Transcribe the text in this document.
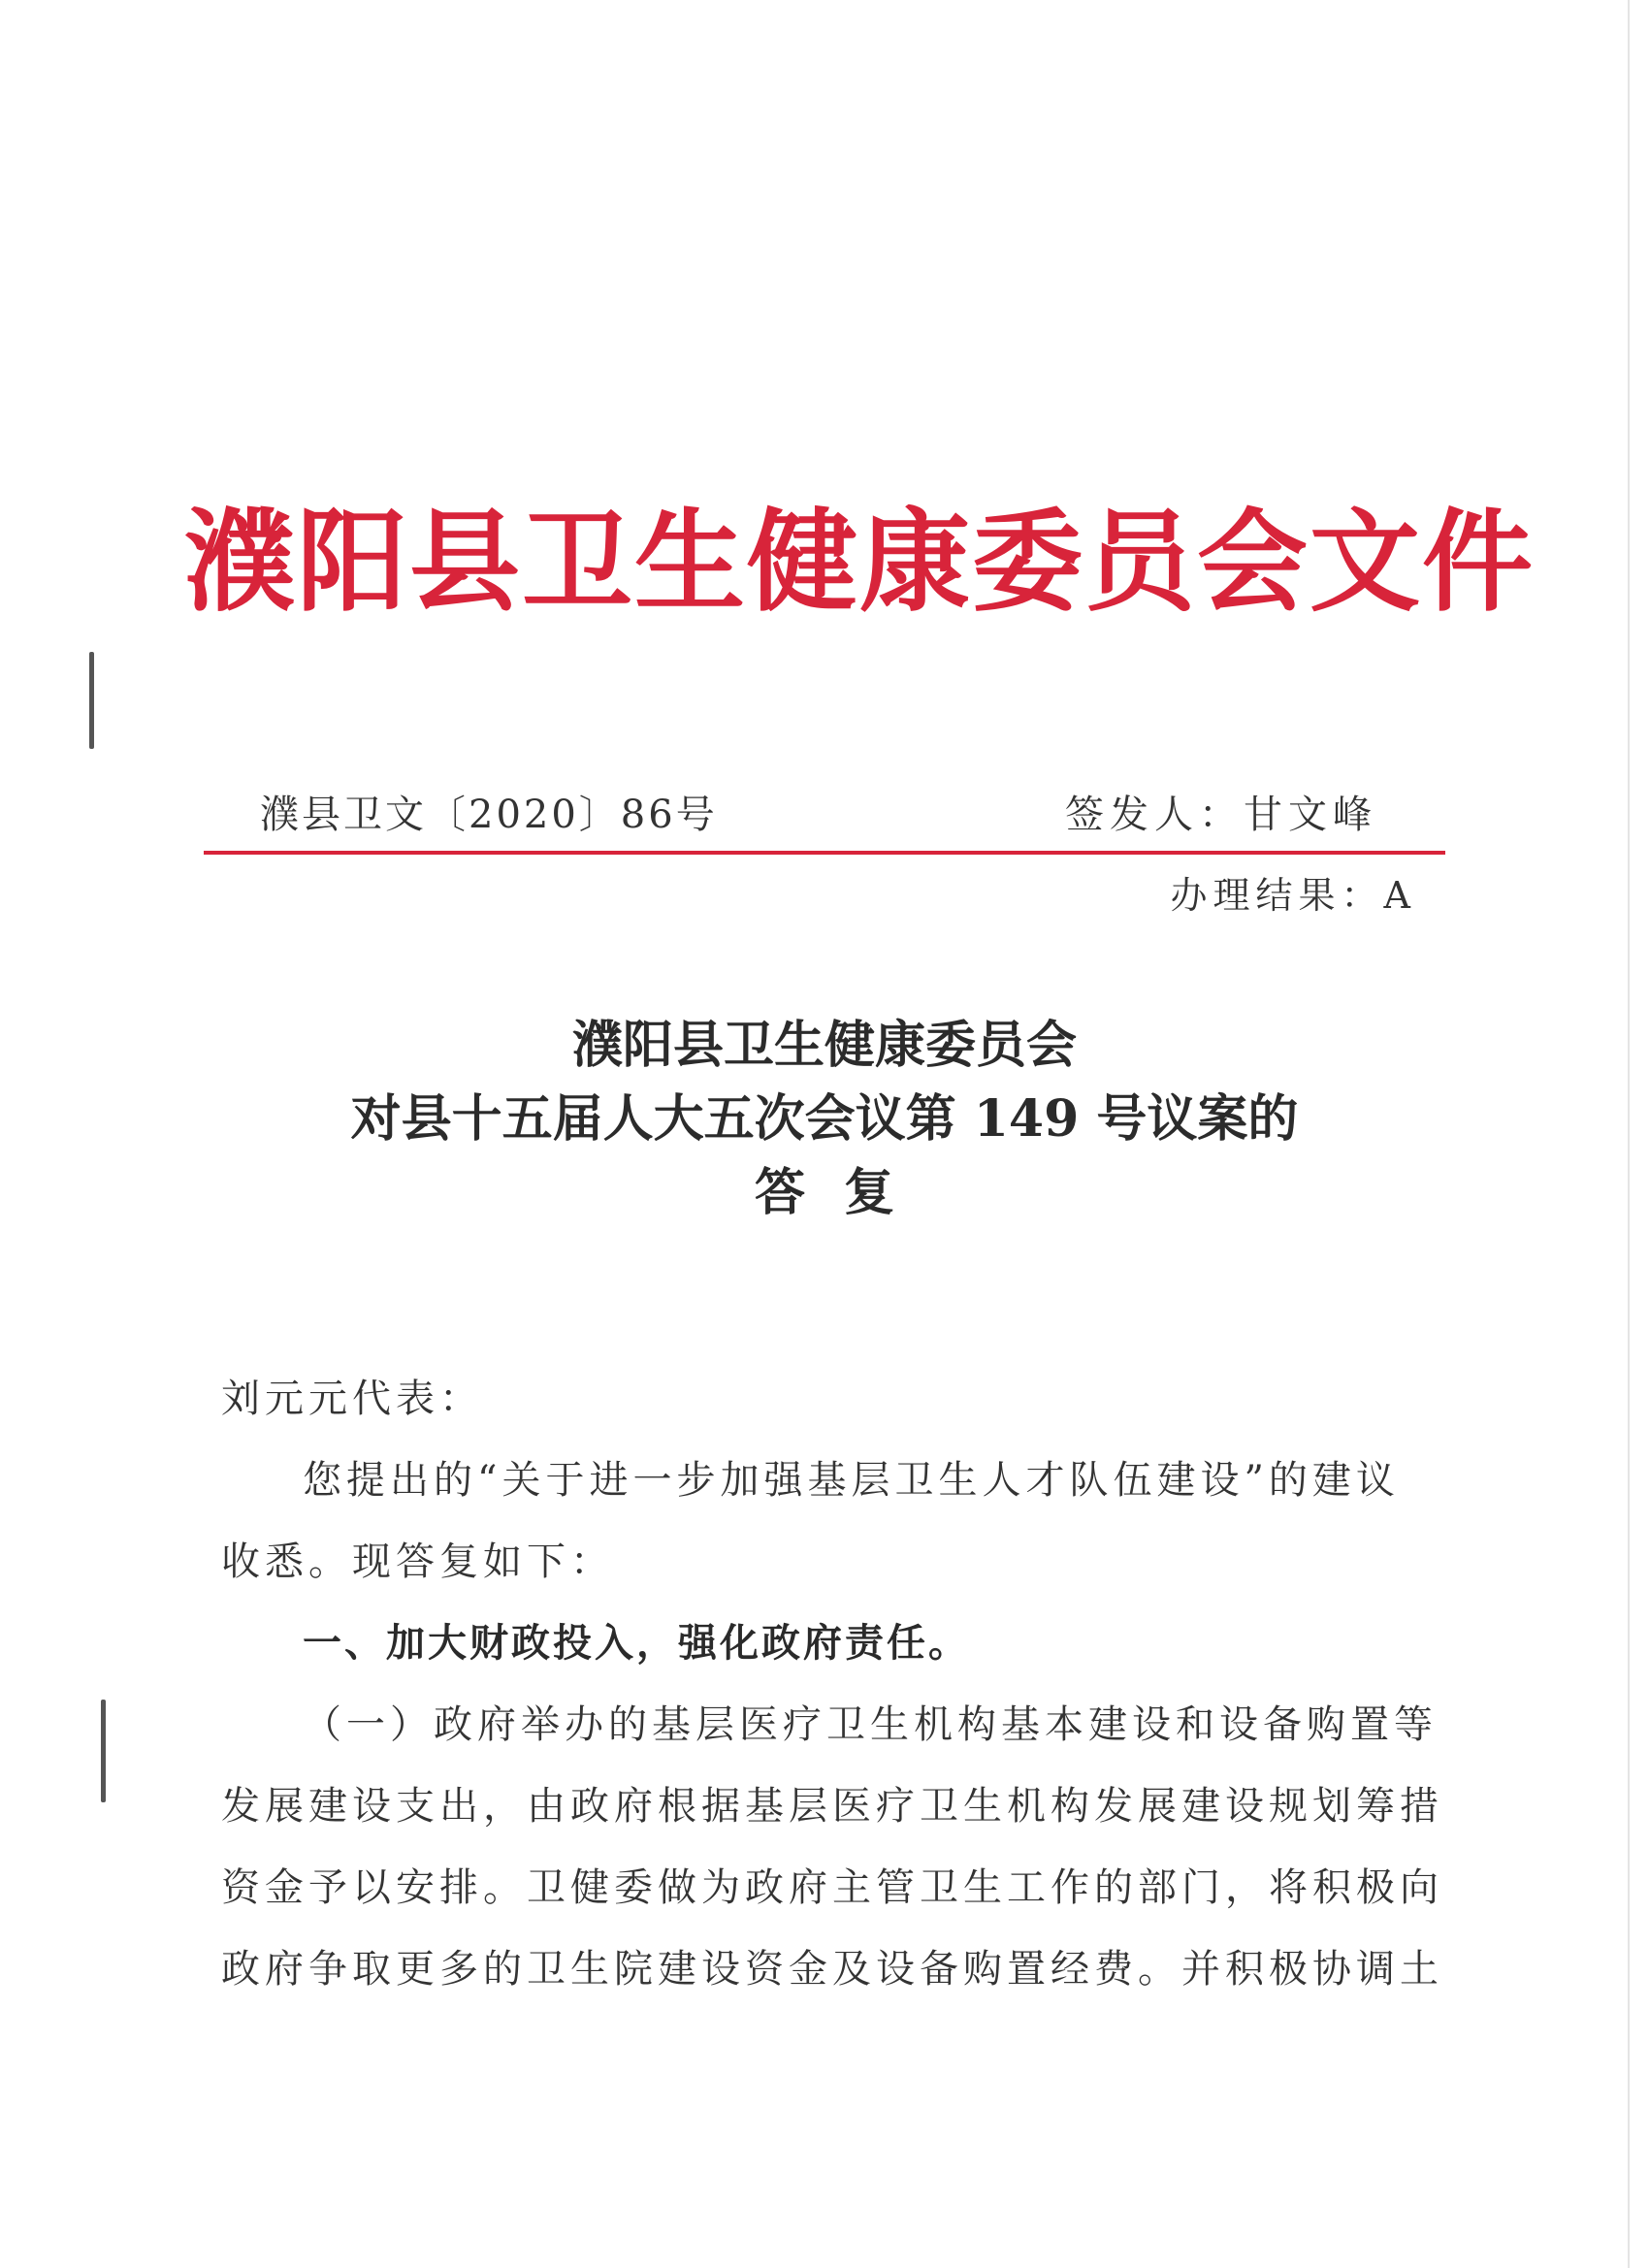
濮阳县卫生健康委员会文件
濮县卫文〔2020〕86号	签发人：甘文峰
办理结果：A
濮阳县卫生健康委员会
对县十五届人大五次会议第 149 号议案的
答复

刘元元代表：

您提出的“关于进一步加强基层卫生人才队伍建设”的建议

收悉。现答复如下：

一、加大财政投入，强化政府责任。

（一）政府举办的基层医疗卫生机构基本建设和设备购置等

发展建设支出，由政府根据基层医疗卫生机构发展建设规划筹措

资金予以安排。卫健委做为政府主管卫生工作的部门，将积极向

政府争取更多的卫生院建设资金及设备购置经费。并积极协调土
